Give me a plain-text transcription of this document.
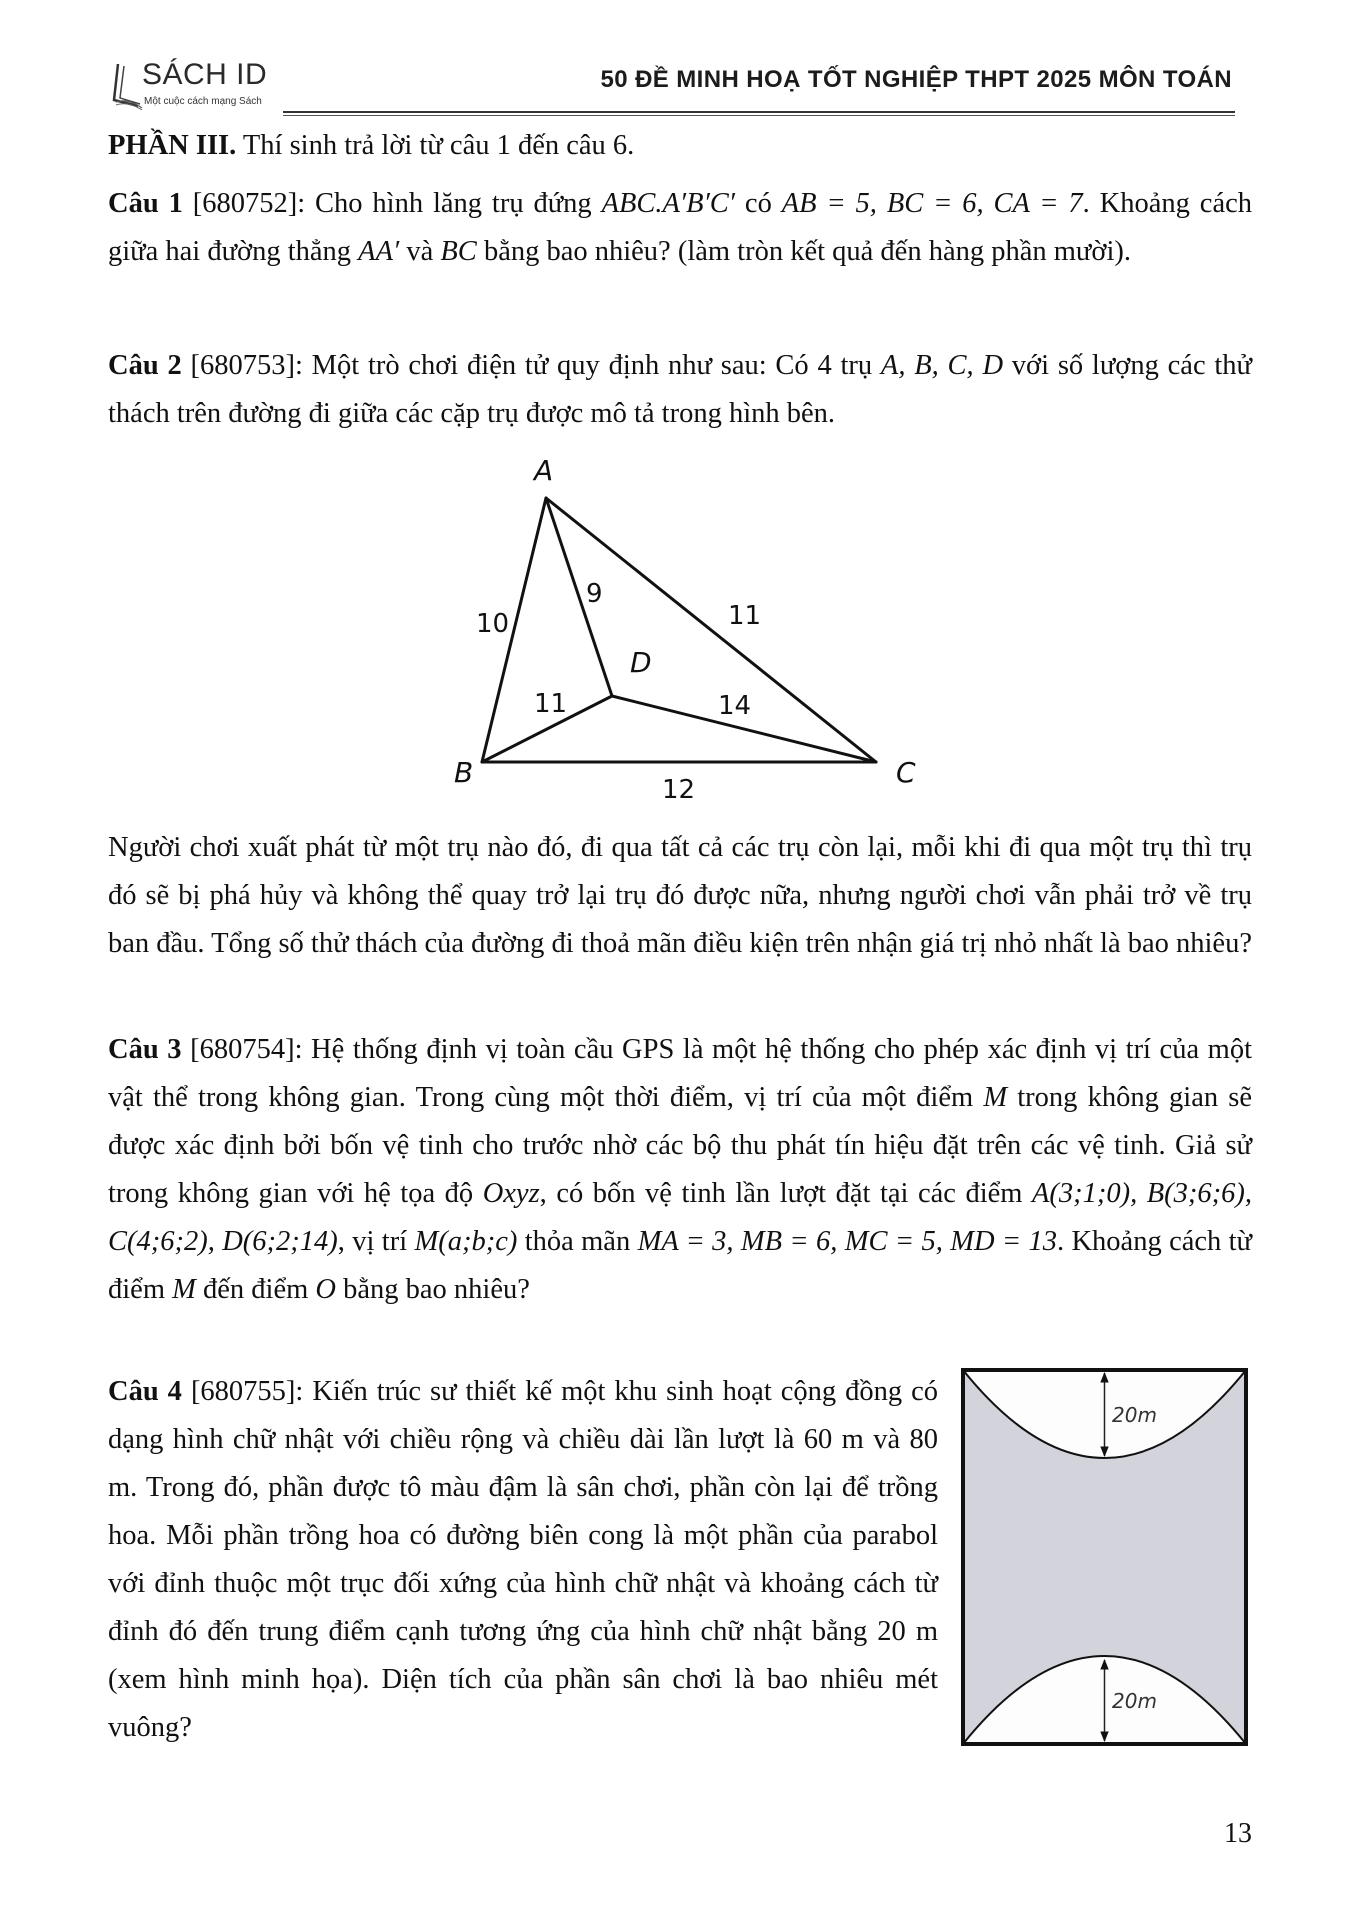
SÁCH ID
Một cuộc cách mạng Sách
50 ĐỀ MINH HOẠ TỐT NGHIỆP THPT 2025 MÔN TOÁN
PHẦN III. Thí sinh trả lời từ câu 1 đến câu 6.
Câu 1 [680752]: Cho hình lăng trụ đứng ABC.A′B′C′ có AB = 5, BC = 6, CA = 7. Khoảng cách giữa hai đường thẳng AA′ và BC bằng bao nhiêu? (làm tròn kết quả đến hàng phần mười).
Câu 2 [680753]: Một trò chơi điện tử quy định như sau: Có 4 trụ A, B, C, D với số lượng các thử thách trên đường đi giữa các cặp trụ được mô tả trong hình bên.
10
9
11
11	14
12
A
B	C
D
Người chơi xuất phát từ một trụ nào đó, đi qua tất cả các trụ còn lại, mỗi khi đi qua một trụ thì trụ đó sẽ bị phá hủy và không thể quay trở lại trụ đó được nữa, nhưng người chơi vẫn phải trở về trụ ban đầu. Tổng số thử thách của đường đi thoả mãn điều kiện trên nhận giá trị nhỏ nhất là bao nhiêu?
Câu 3 [680754]: Hệ thống định vị toàn cầu GPS là một hệ thống cho phép xác định vị trí của một vật thể trong không gian. Trong cùng một thời điểm, vị trí của một điểm M trong không gian sẽ được xác định bởi bốn vệ tinh cho trước nhờ các bộ thu phát tín hiệu đặt trên các vệ tinh. Giả sử trong không gian với hệ tọa độ Oxyz, có bốn vệ tinh lần lượt đặt tại các điểm A(3;1;0), B(3;6;6), C(4;6;2), D(6;2;14), vị trí M(a;b;c) thỏa mãn MA = 3, MB = 6, MC = 5, MD = 13. Khoảng cách từ điểm M đến điểm O bằng bao nhiêu?
Câu 4 [680755]: Kiến trúc sư thiết kế một khu sinh hoạt cộng đồng có dạng hình chữ nhật với chiều rộng và chiều dài lần lượt là 60 m và 80 m. Trong đó, phần được tô màu đậm là sân chơi, phần còn lại để trồng hoa. Mỗi phần trồng hoa có đường biên cong là một phần của parabol với đỉnh thuộc một trục đối xứng của hình chữ nhật và khoảng cách từ đỉnh đó đến trung điểm cạnh tương ứng của hình chữ nhật bằng 20 m (xem hình minh họa). Diện tích của phần sân chơi là bao nhiêu mét vuông?
20m
20m
13
